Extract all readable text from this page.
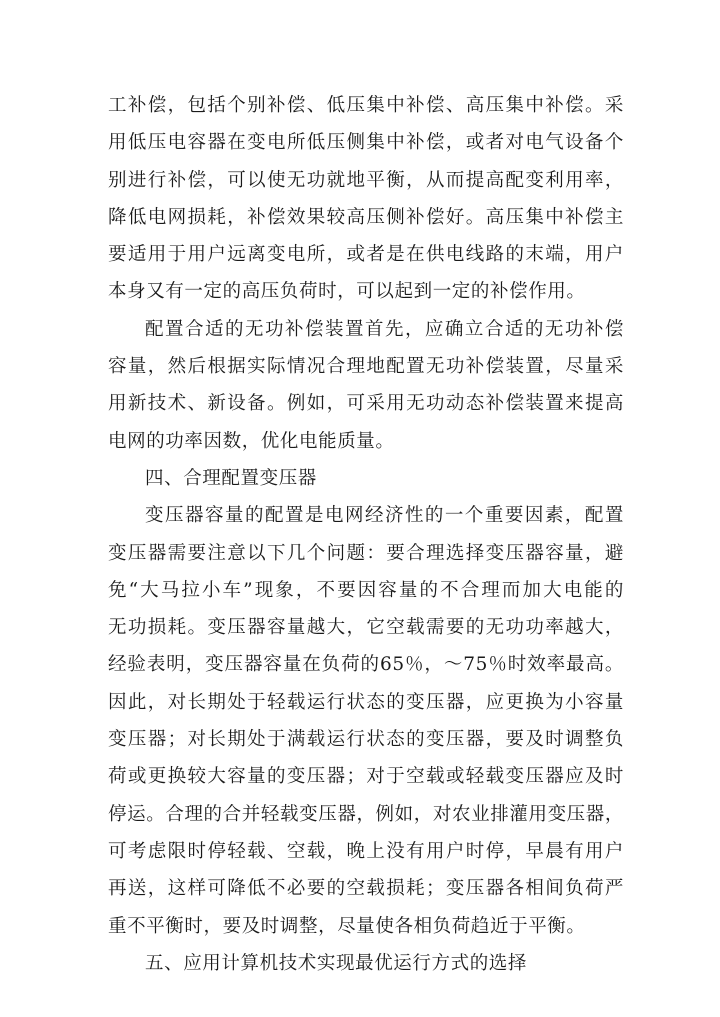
工补偿，包括个别补偿、低压集中补偿、高压集中补偿。采
用低压电容器在变电所低压侧集中补偿，或者对电气设备个
别进行补偿，可以使无功就地平衡，从而提高配变利用率，
降低电网损耗，补偿效果较高压侧补偿好。高压集中补偿主
要适用于用户远离变电所，或者是在供电线路的末端，用户
本身又有一定的高压负荷时，可以起到一定的补偿作用。

配置合适的无功补偿装置首先，应确立合适的无功补偿
容量，然后根据实际情况合理地配置无功补偿装置，尽量采
用新技术、新设备。例如，可采用无功动态补偿装置来提高
电网的功率因数，优化电能质量。

四、合理配置变压器

变压器容量的配置是电网经济性的一个重要因素，配置
变压器需要注意以下几个问题：要合理选择变压器容量，避
免“大马拉小车”现象，不要因容量的不合理而加大电能的
无功损耗。变压器容量越大，它空载需要的无功功率越大，
经验表明，变压器容量在负荷的65％，～75％时效率最高。
因此，对长期处于轻载运行状态的变压器，应更换为小容量
变压器；对长期处于满载运行状态的变压器，要及时调整负
荷或更换较大容量的变压器；对于空载或轻载变压器应及时
停运。合理的合并轻载变压器，例如，对农业排灌用变压器，
可考虑限时停轻载、空载，晚上没有用户时停，早晨有用户
再送，这样可降低不必要的空载损耗；变压器各相间负荷严
重不平衡时，要及时调整，尽量使各相负荷趋近于平衡。

五、应用计算机技术实现最优运行方式的选择
